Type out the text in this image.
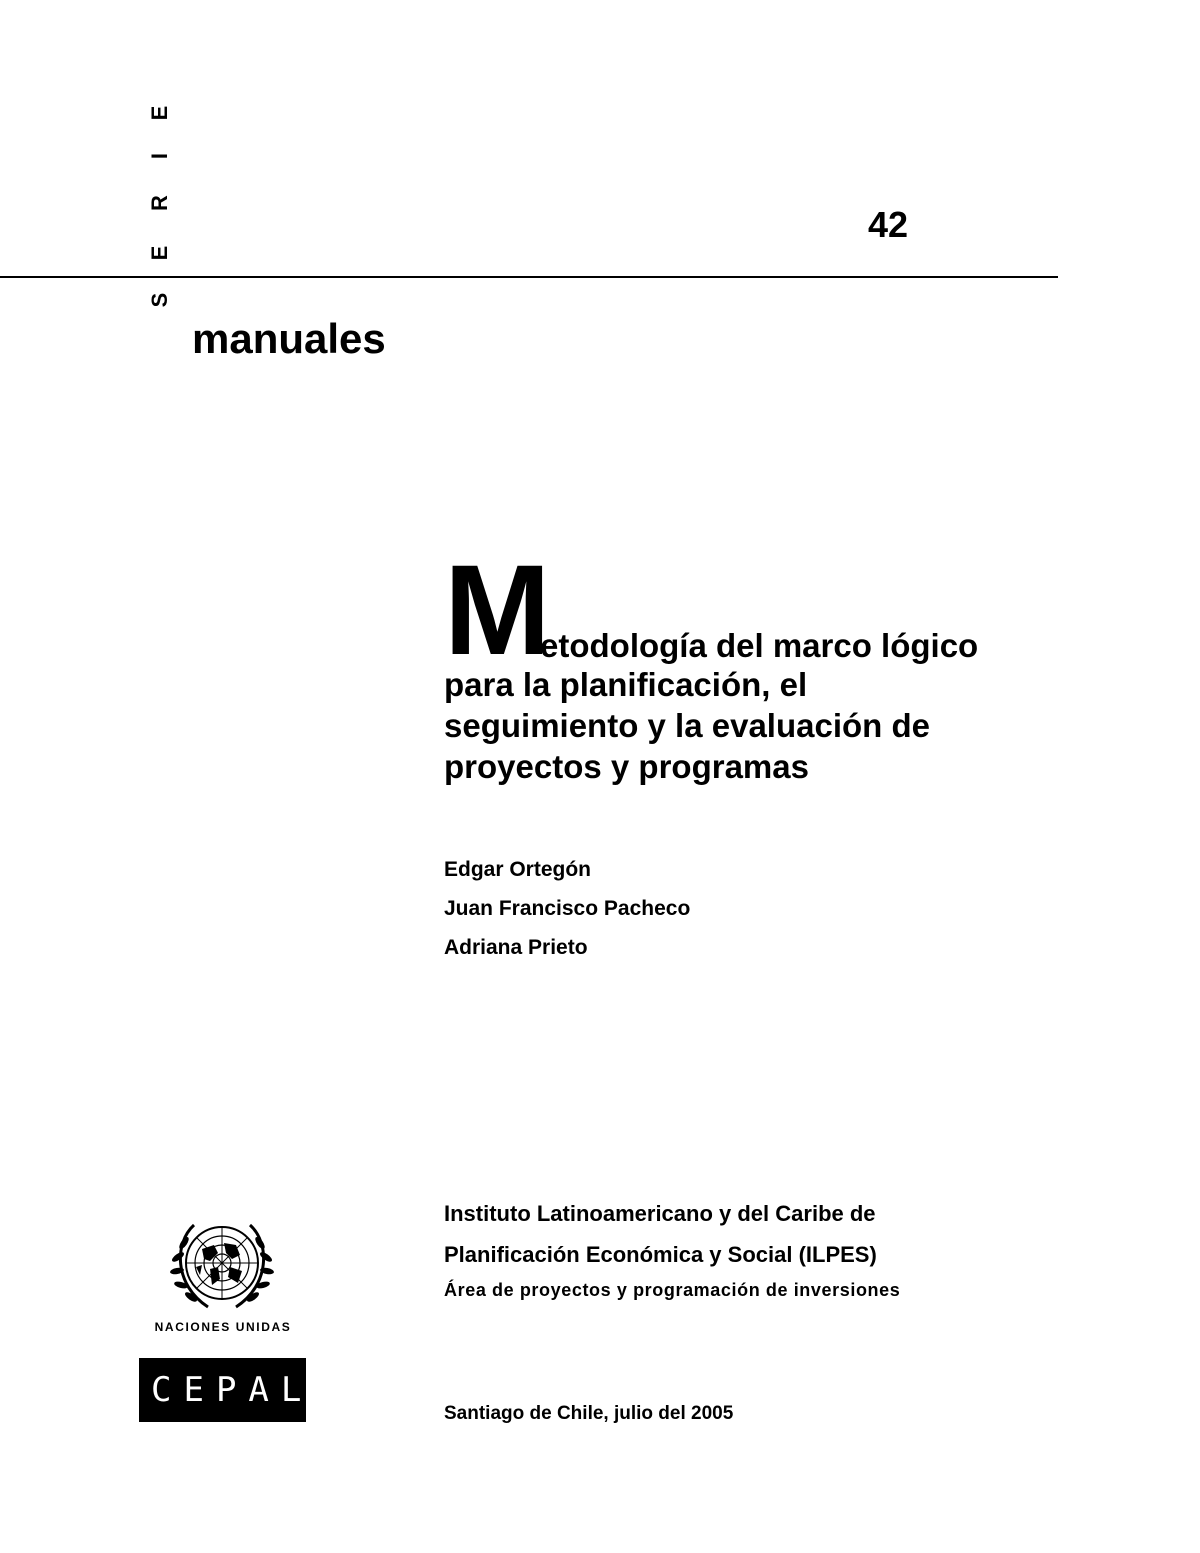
S
E
R
I
E
42
manuales
M
etodología del marco lógico
para la planificación, el
seguimiento y la evaluación de
proyectos y programas
Edgar Ortegón
Juan Francisco Pacheco
Adriana Prieto
Instituto Latinoamericano y del Caribe de
Planificación Económica y Social (ILPES)
Área de proyectos y programación de inversiones
Santiago de Chile, julio del 2005
NACIONES UNIDAS
CEPAL
